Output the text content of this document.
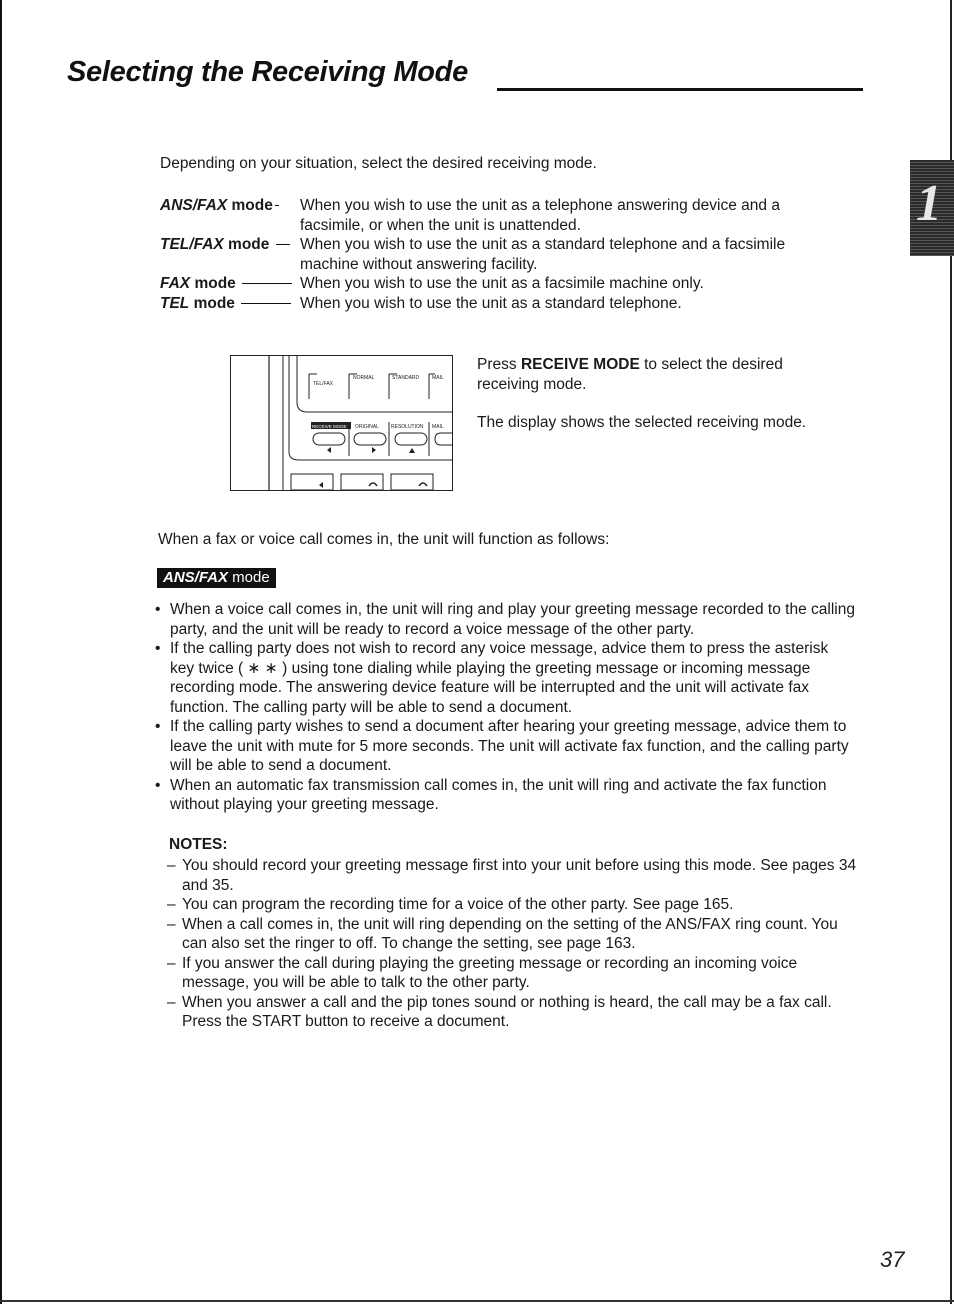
Selecting the Receiving Mode
1

Depending on your situation, select the desired receiving mode.

ANS/FAX mode	When you wish to use the unit as a telephone answering device and a facsimile, or when the unit is unattended.

TEL/FAX mode	When you wish to use the unit as a standard telephone and a facsimile machine without answering facility.

FAX mode	When you wish to use the unit as a facsimile machine only.

TEL mode	When you wish to use the unit as a standard telephone.

TEL/FAX
NORMAL	STANDARD	MAIL
RECEIVE MODE ORIGINAL RESOLUTION MAIL

Press RECEIVE MODE to select the desired receiving mode.

The display shows the selected receiving mode.

When a fax or voice call comes in, the unit will function as follows:

ANS/FAX mode
• When a voice call comes in, the unit will ring and play your greeting message recorded to the calling party, and the unit will be ready to record a voice message of the other party.
• If the calling party does not wish to record any voice message, advice them to press the asterisk key twice ( ∗ ∗ ) using tone dialing while playing the greeting message or incoming message recording mode. The answering device feature will be interrupted and the unit will activate fax function. The calling party will be able to send a document.
• If the calling party wishes to send a document after hearing your greeting message, advice them to leave the unit with mute for 5 more seconds. The unit will activate fax function, and the calling party will be able to send a document.
• When an automatic fax transmission call comes in, the unit will ring and activate the fax function without playing your greeting message.
NOTES:
– You should record your greeting message first into your unit before using this mode. See pages 34 and 35.
– You can program the recording time for a voice of the other party. See page 165.
– When a call comes in, the unit will ring depending on the setting of the ANS/FAX ring count. You can also set the ringer to off. To change the setting, see page 163.
– If you answer the call during playing the greeting message or recording an incoming voice message, you will be able to talk to the other party.
– When you answer a call and the pip tones sound or nothing is heard, the call may be a fax call. Press the START button to receive a document.
37
